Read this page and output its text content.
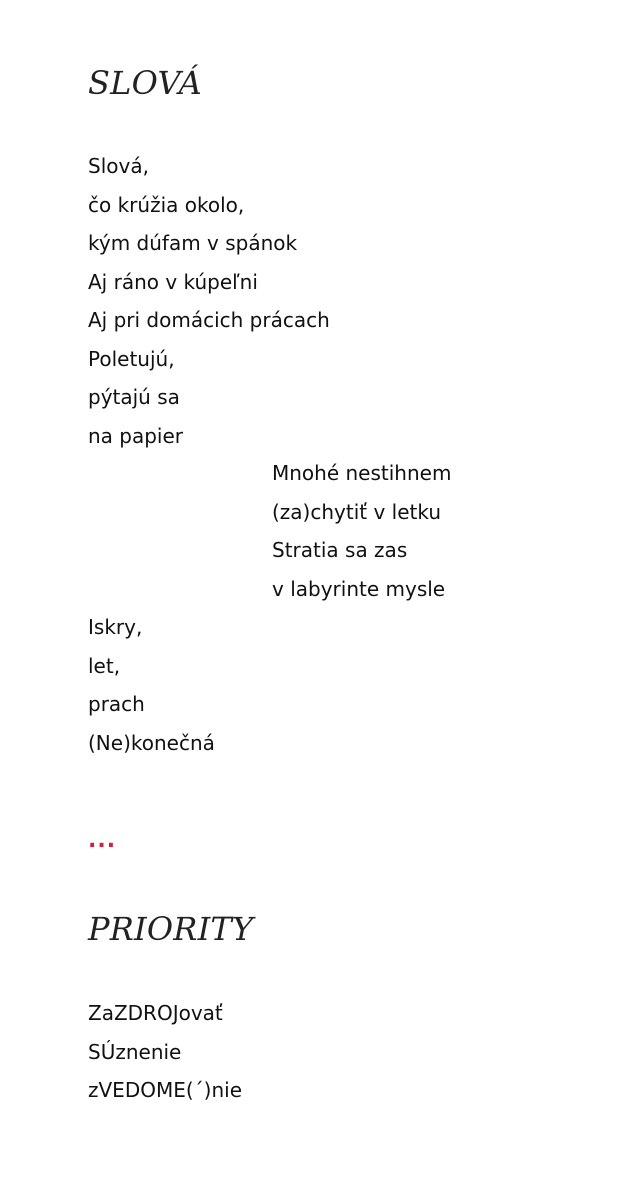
SLOVÁ
Slová,
čo krúžia okolo,
kým dúfam v spánok
Aj ráno v kúpeľni
Aj pri domácich prácach
Poletujú,
pýtajú sa
na papier
Mnohé nestihnem
(za)chytiť v letku
Stratia sa zas
v labyrinte mysle
Iskry,
let,
prach
(Ne)konečná
...
PRIORITY
ZaZDROJovať
SÚznenie
zVEDOME(´)nie
